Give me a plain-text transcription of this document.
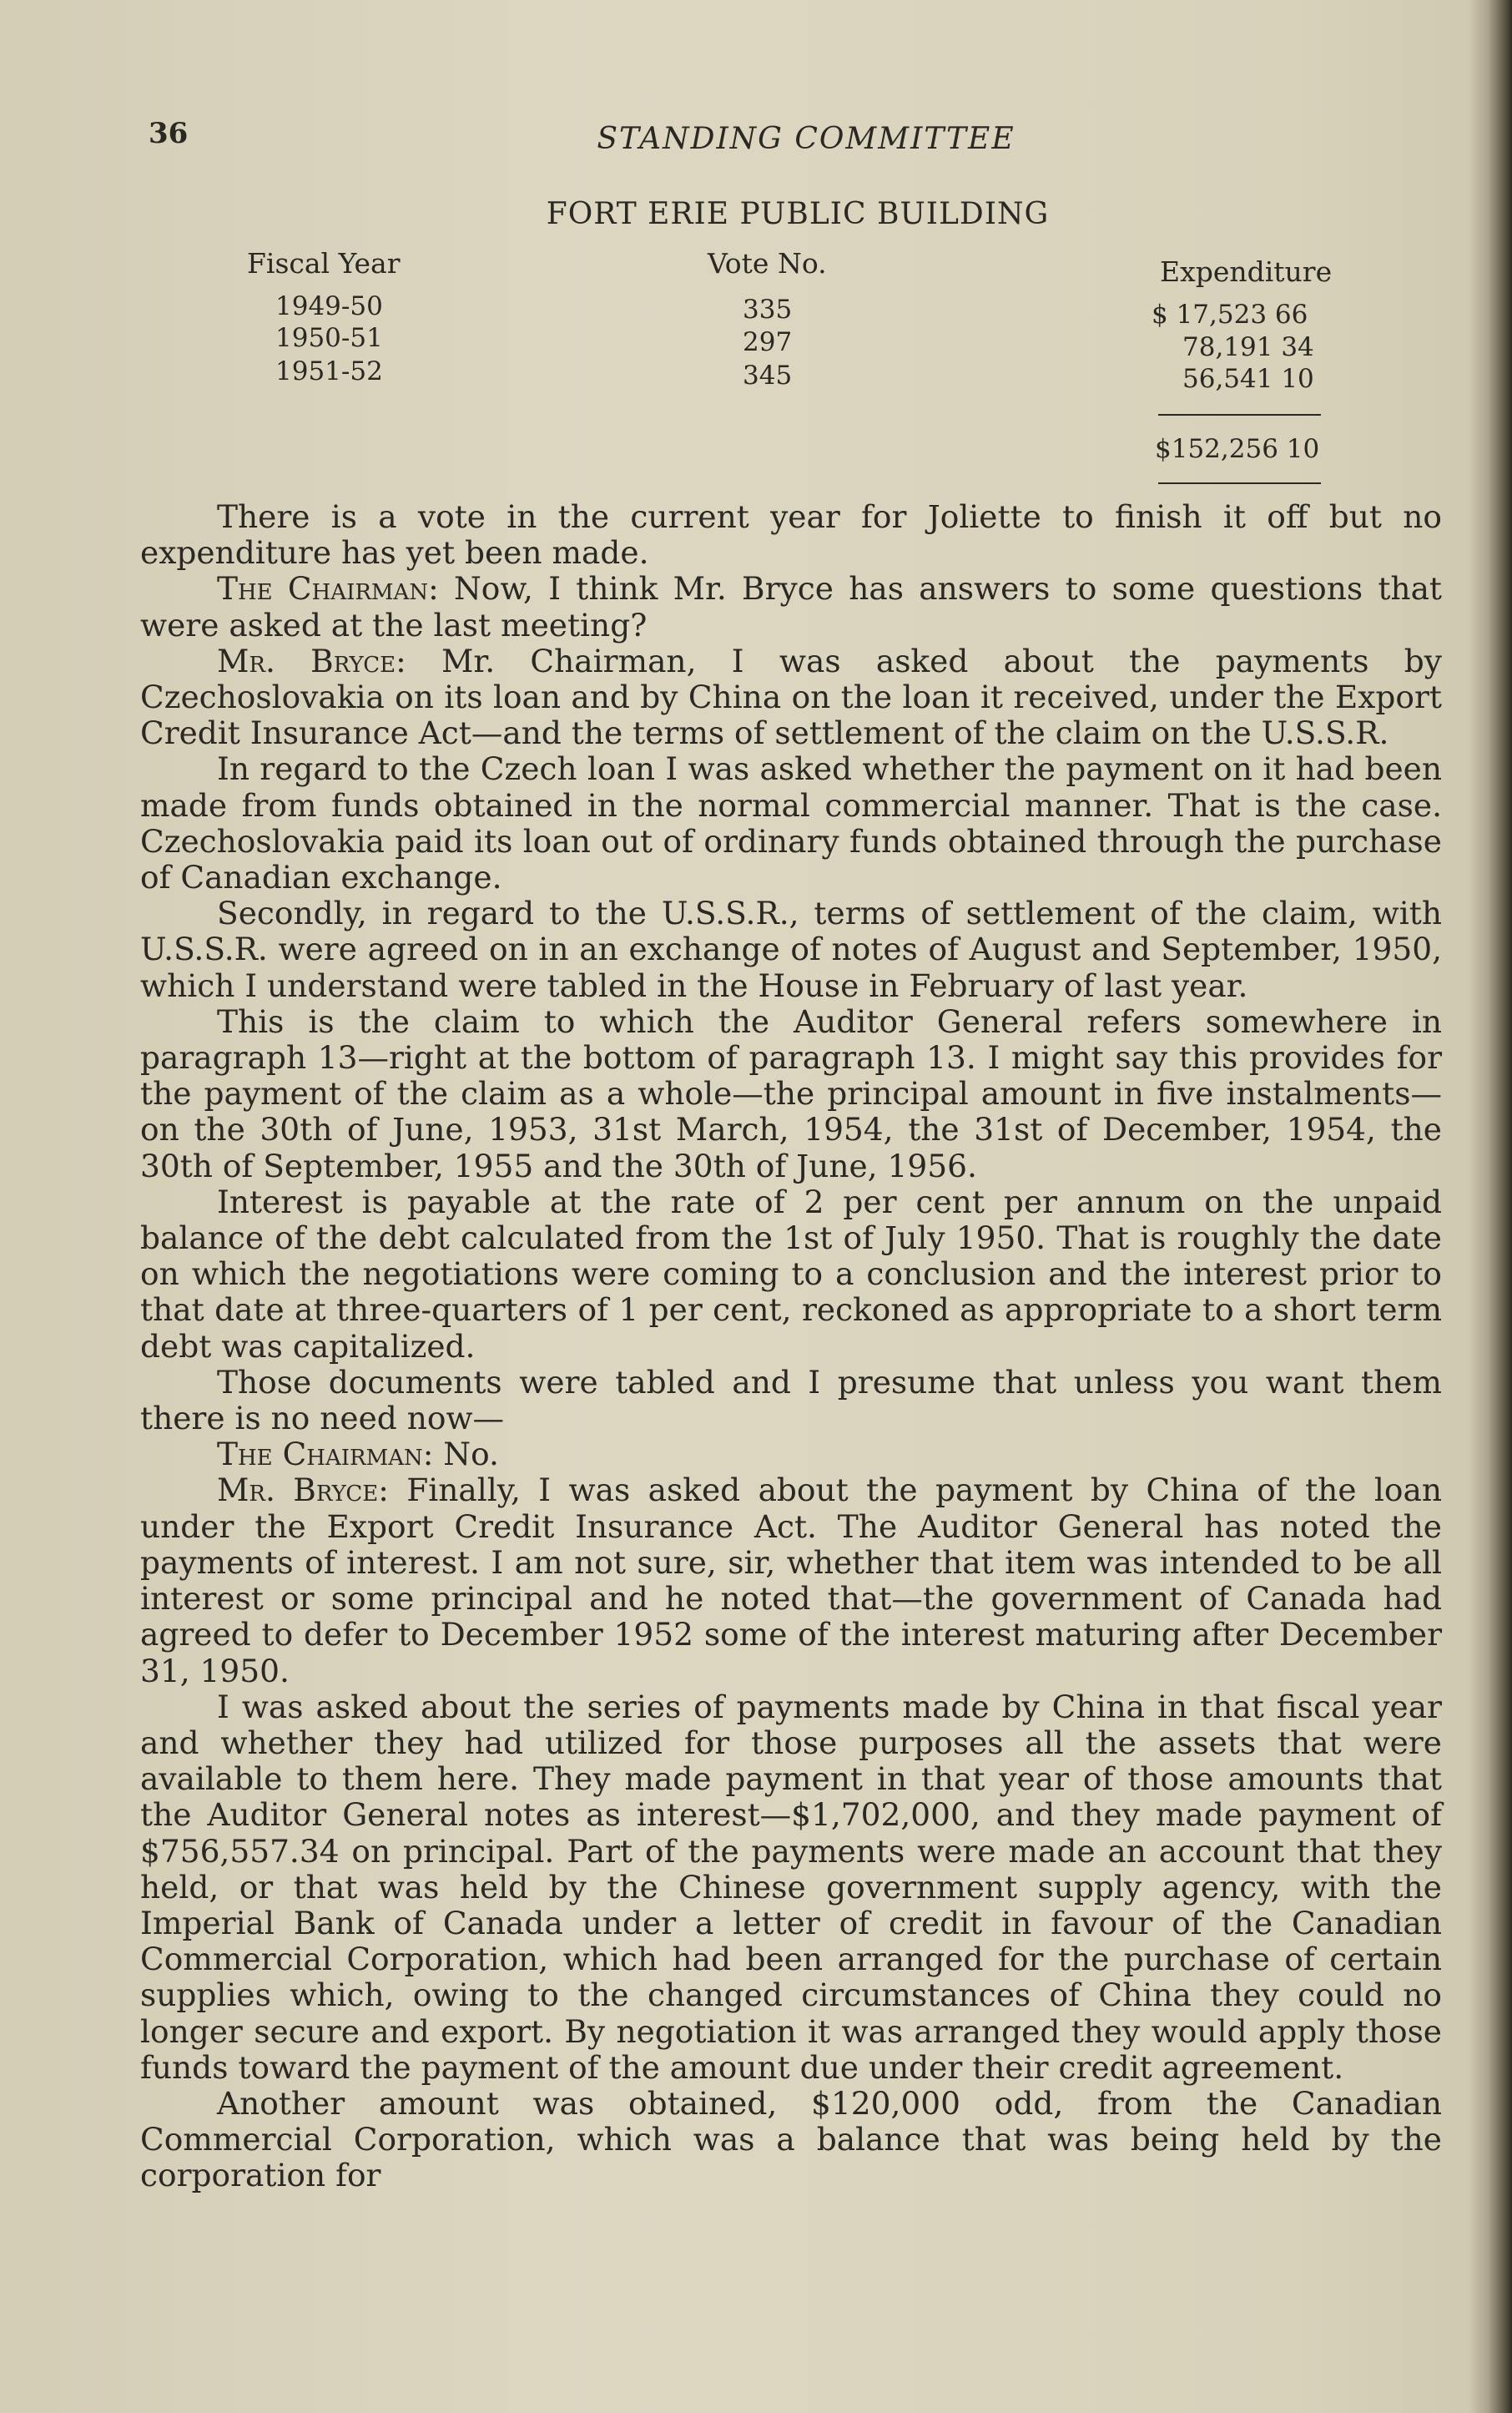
36	STANDING COMMITTEE
FORT ERIE PUBLIC BUILDING
Fiscal Year	Vote No.	Expenditure
1949-50	335	$ 17,523 66
1950-51	297	78,191 34
1951-52	345	56,541 10
$152,256 10

There is a vote in the current year for Joliette to finish it off but no expenditure has yet been made.

The Chairman: Now, I think Mr. Bryce has answers to some questions that were asked at the last meeting?

Mr. Bryce: Mr. Chairman, I was asked about the payments by Czechoslovakia on its loan and by China on the loan it received, under the Export Credit Insurance Act—and the terms of settlement of the claim on the U.S.S.R.

In regard to the Czech loan I was asked whether the payment on it had been made from funds obtained in the normal commercial manner. That is the case. Czechoslovakia paid its loan out of ordinary funds obtained through the purchase of Canadian exchange.

Secondly, in regard to the U.S.S.R., terms of settlement of the claim, with U.S.S.R. were agreed on in an exchange of notes of August and September, 1950, which I understand were tabled in the House in February of last year.

This is the claim to which the Auditor General refers somewhere in paragraph 13—right at the bottom of paragraph 13. I might say this provides for the payment of the claim as a whole—the principal amount in five instalments—on the 30th of June, 1953, 31st March, 1954, the 31st of December, 1954, the 30th of September, 1955 and the 30th of June, 1956.

Interest is payable at the rate of 2 per cent per annum on the unpaid balance of the debt calculated from the 1st of July 1950. That is roughly the date on which the negotiations were coming to a conclusion and the interest prior to that date at three-quarters of 1 per cent, reckoned as appropriate to a short term debt was capitalized.

Those documents were tabled and I presume that unless you want them there is no need now—

The Chairman: No.

Mr. Bryce: Finally, I was asked about the payment by China of the loan under the Export Credit Insurance Act. The Auditor General has noted the payments of interest. I am not sure, sir, whether that item was intended to be all interest or some principal and he noted that—the government of Canada had agreed to defer to December 1952 some of the interest maturing after December 31, 1950.

I was asked about the series of payments made by China in that fiscal year and whether they had utilized for those purposes all the assets that were available to them here. They made payment in that year of those amounts that the Auditor General notes as interest—$1,702,000, and they made payment of $756,557.34 on principal. Part of the payments were made an account that they held, or that was held by the Chinese government supply agency, with the Imperial Bank of Canada under a letter of credit in favour of the Canadian Commercial Corporation, which had been arranged for the purchase of certain supplies which, owing to the changed circumstances of China they could no longer secure and export. By negotiation it was arranged they would apply those funds toward the payment of the amount due under their credit agreement.

Another amount was obtained, $120,000 odd, from the Canadian Commercial Corporation, which was a balance that was being held by the corporation for
